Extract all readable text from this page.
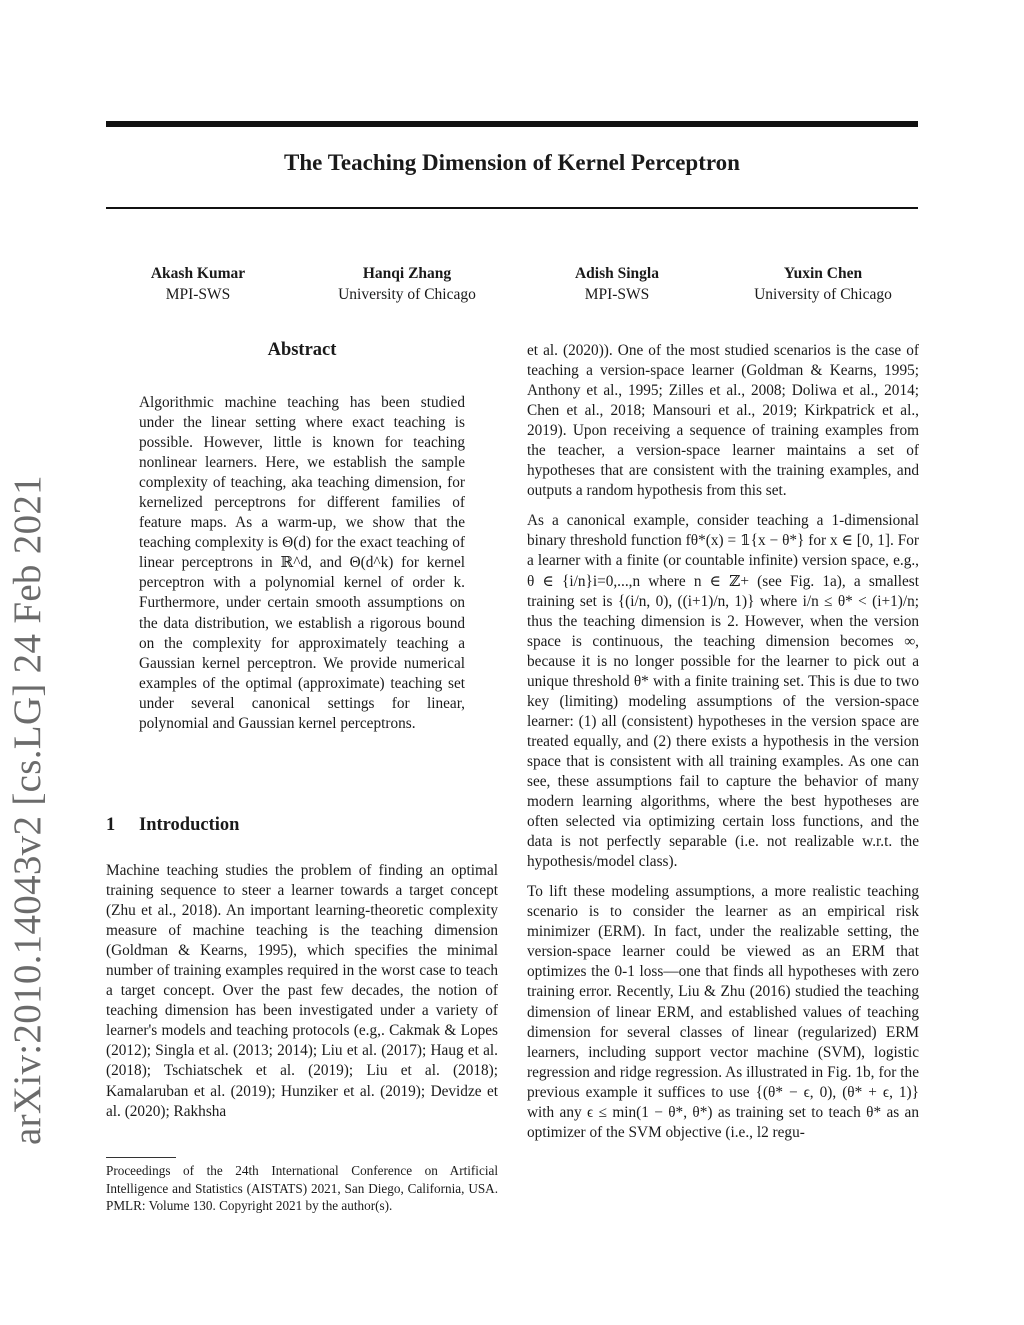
The Teaching Dimension of Kernel Perceptron
Akash Kumar
MPI-SWS
Hanqi Zhang
University of Chicago
Adish Singla
MPI-SWS
Yuxin Chen
University of Chicago
arXiv:2010.14043v2 [cs.LG] 24 Feb 2021
Abstract
Algorithmic machine teaching has been studied under the linear setting where exact teaching is possible. However, little is known for teaching nonlinear learners. Here, we establish the sample complexity of teaching, aka teaching dimension, for kernelized perceptrons for different families of feature maps. As a warm-up, we show that the teaching complexity is Θ(d) for the exact teaching of linear perceptrons in ℝ^d, and Θ(d^k) for kernel perceptron with a polynomial kernel of order k. Furthermore, under certain smooth assumptions on the data distribution, we establish a rigorous bound on the complexity for approximately teaching a Gaussian kernel perceptron. We provide numerical examples of the optimal (approximate) teaching set under several canonical settings for linear, polynomial and Gaussian kernel perceptrons.
1 Introduction

Machine teaching studies the problem of finding an optimal training sequence to steer a learner towards a target concept (Zhu et al., 2018). An important learning-theoretic complexity measure of machine teaching is the teaching dimension (Goldman & Kearns, 1995), which specifies the minimal number of training examples required in the worst case to teach a target concept. Over the past few decades, the notion of teaching dimension has been investigated under a variety of learner's models and teaching protocols (e.g,. Cakmak & Lopes (2012); Singla et al. (2013; 2014); Liu et al. (2017); Haug et al. (2018); Tschiatschek et al. (2019); Liu et al. (2018); Kamalaruban et al. (2019); Hunziker et al. (2019); Devidze et al. (2020); Rakhsha

et al. (2020)). One of the most studied scenarios is the case of teaching a version-space learner (Goldman & Kearns, 1995; Anthony et al., 1995; Zilles et al., 2008; Doliwa et al., 2014; Chen et al., 2018; Mansouri et al., 2019; Kirkpatrick et al., 2019). Upon receiving a sequence of training examples from the teacher, a version-space learner maintains a set of hypotheses that are consistent with the training examples, and outputs a random hypothesis from this set.

As a canonical example, consider teaching a 1-dimensional binary threshold function fθ*(x) = 𝟙{x − θ*} for x ∈ [0, 1]. For a learner with a finite (or countable infinite) version space, e.g., θ ∈ {i/n}i=0,...,n where n ∈ ℤ+ (see Fig. 1a), a smallest training set is {(i/n, 0), ((i+1)/n, 1)} where i/n ≤ θ* < (i+1)/n; thus the teaching dimension is 2. However, when the version space is continuous, the teaching dimension becomes ∞, because it is no longer possible for the learner to pick out a unique threshold θ* with a finite training set. This is due to two key (limiting) modeling assumptions of the version-space learner: (1) all (consistent) hypotheses in the version space are treated equally, and (2) there exists a hypothesis in the version space that is consistent with all training examples. As one can see, these assumptions fail to capture the behavior of many modern learning algorithms, where the best hypotheses are often selected via optimizing certain loss functions, and the data is not perfectly separable (i.e. not realizable w.r.t. the hypothesis/model class).

To lift these modeling assumptions, a more realistic teaching scenario is to consider the learner as an empirical risk minimizer (ERM). In fact, under the realizable setting, the version-space learner could be viewed as an ERM that optimizes the 0-1 loss—one that finds all hypotheses with zero training error. Recently, Liu & Zhu (2016) studied the teaching dimension of linear ERM, and established values of teaching dimension for several classes of linear (regularized) ERM learners, including support vector machine (SVM), logistic regression and ridge regression. As illustrated in Fig. 1b, for the previous example it suffices to use {(θ* − ϵ, 0), (θ* + ϵ, 1)} with any ϵ ≤ min(1 − θ*, θ*) as training set to teach θ* as an optimizer of the SVM objective (i.e., l2 regu-

Proceedings of the 24th International Conference on Artificial Intelligence and Statistics (AISTATS) 2021, San Diego, California, USA. PMLR: Volume 130. Copyright 2021 by the author(s).
